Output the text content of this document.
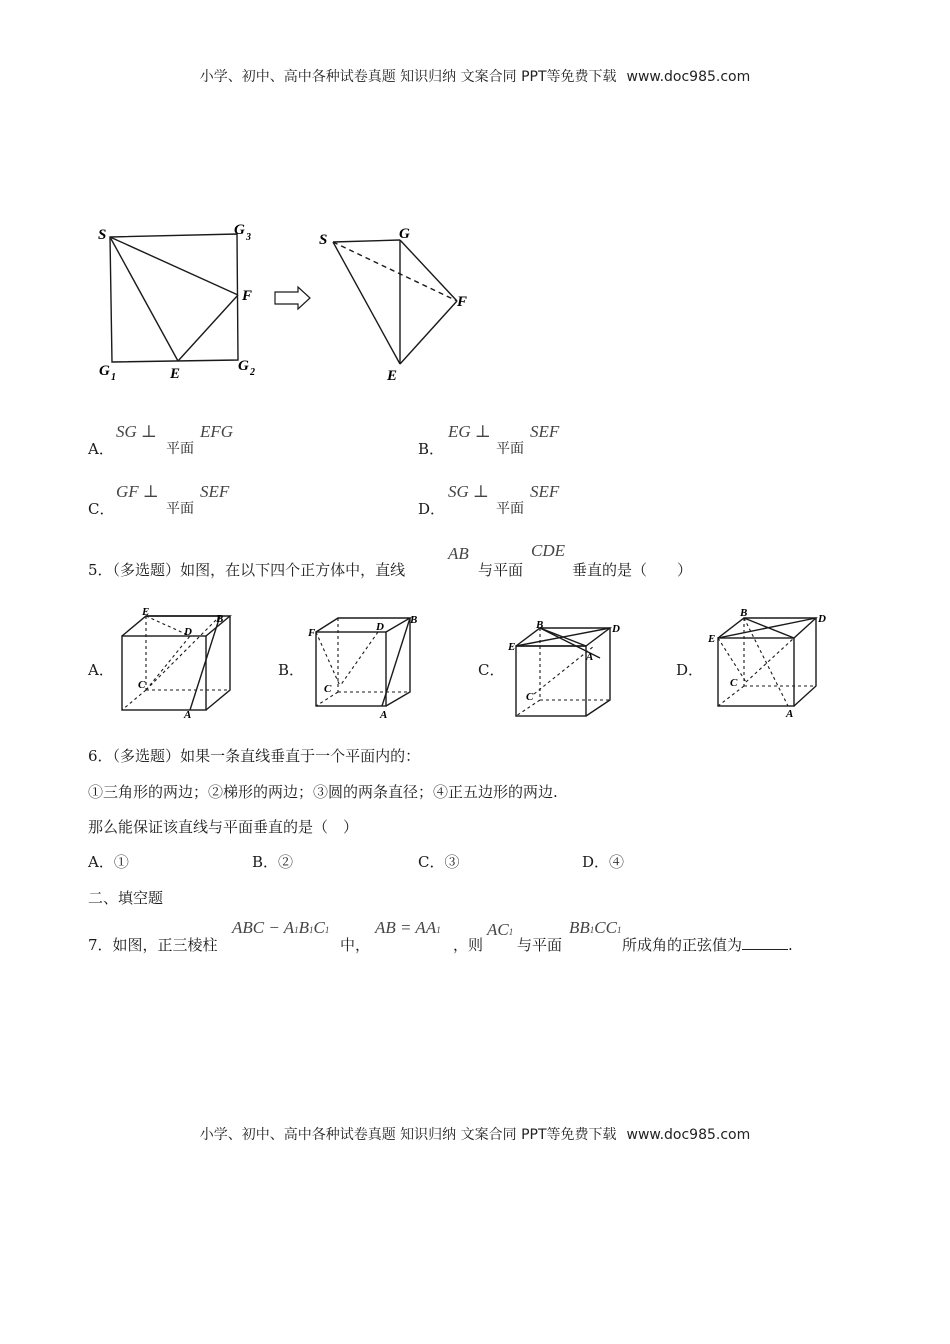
小学、初中、高中各种试卷真题 知识归纳 文案合同 PPT等免费下载 www.doc985.com
S	G 3
F
G 1	E	G 2
S	G
F
E
A．
SG ⊥
平面
EFG
B．
EG ⊥
平面
SEF
C．
GF ⊥
平面
SEF
D．
SG ⊥
平面
SEF
5．（多选题）如图，在以下四个正方体中，直线
AB
与平面
CDE
垂直的是（　　）
A．	B．	C．	D．
E
D
B
C
A
F	D
B
C
A
B
E
D
A
C
B
E
D
C
A
6．（多选题）如果一条直线垂直于一个平面内的：
①三角形的两边；②梯形的两边；③圆的两条直径；④正五边形的两边.
那么能保证该直线与平面垂直的是（　）
A．①	B．②	C．③	D．④
二、填空题
7．如图，正三棱柱
ABC − A1B1C1
中，
AB = AA1
，则
AC1
与平面
BB1CC1
所成角的正弦值为	.
小学、初中、高中各种试卷真题 知识归纳 文案合同 PPT等免费下载 www.doc985.com
